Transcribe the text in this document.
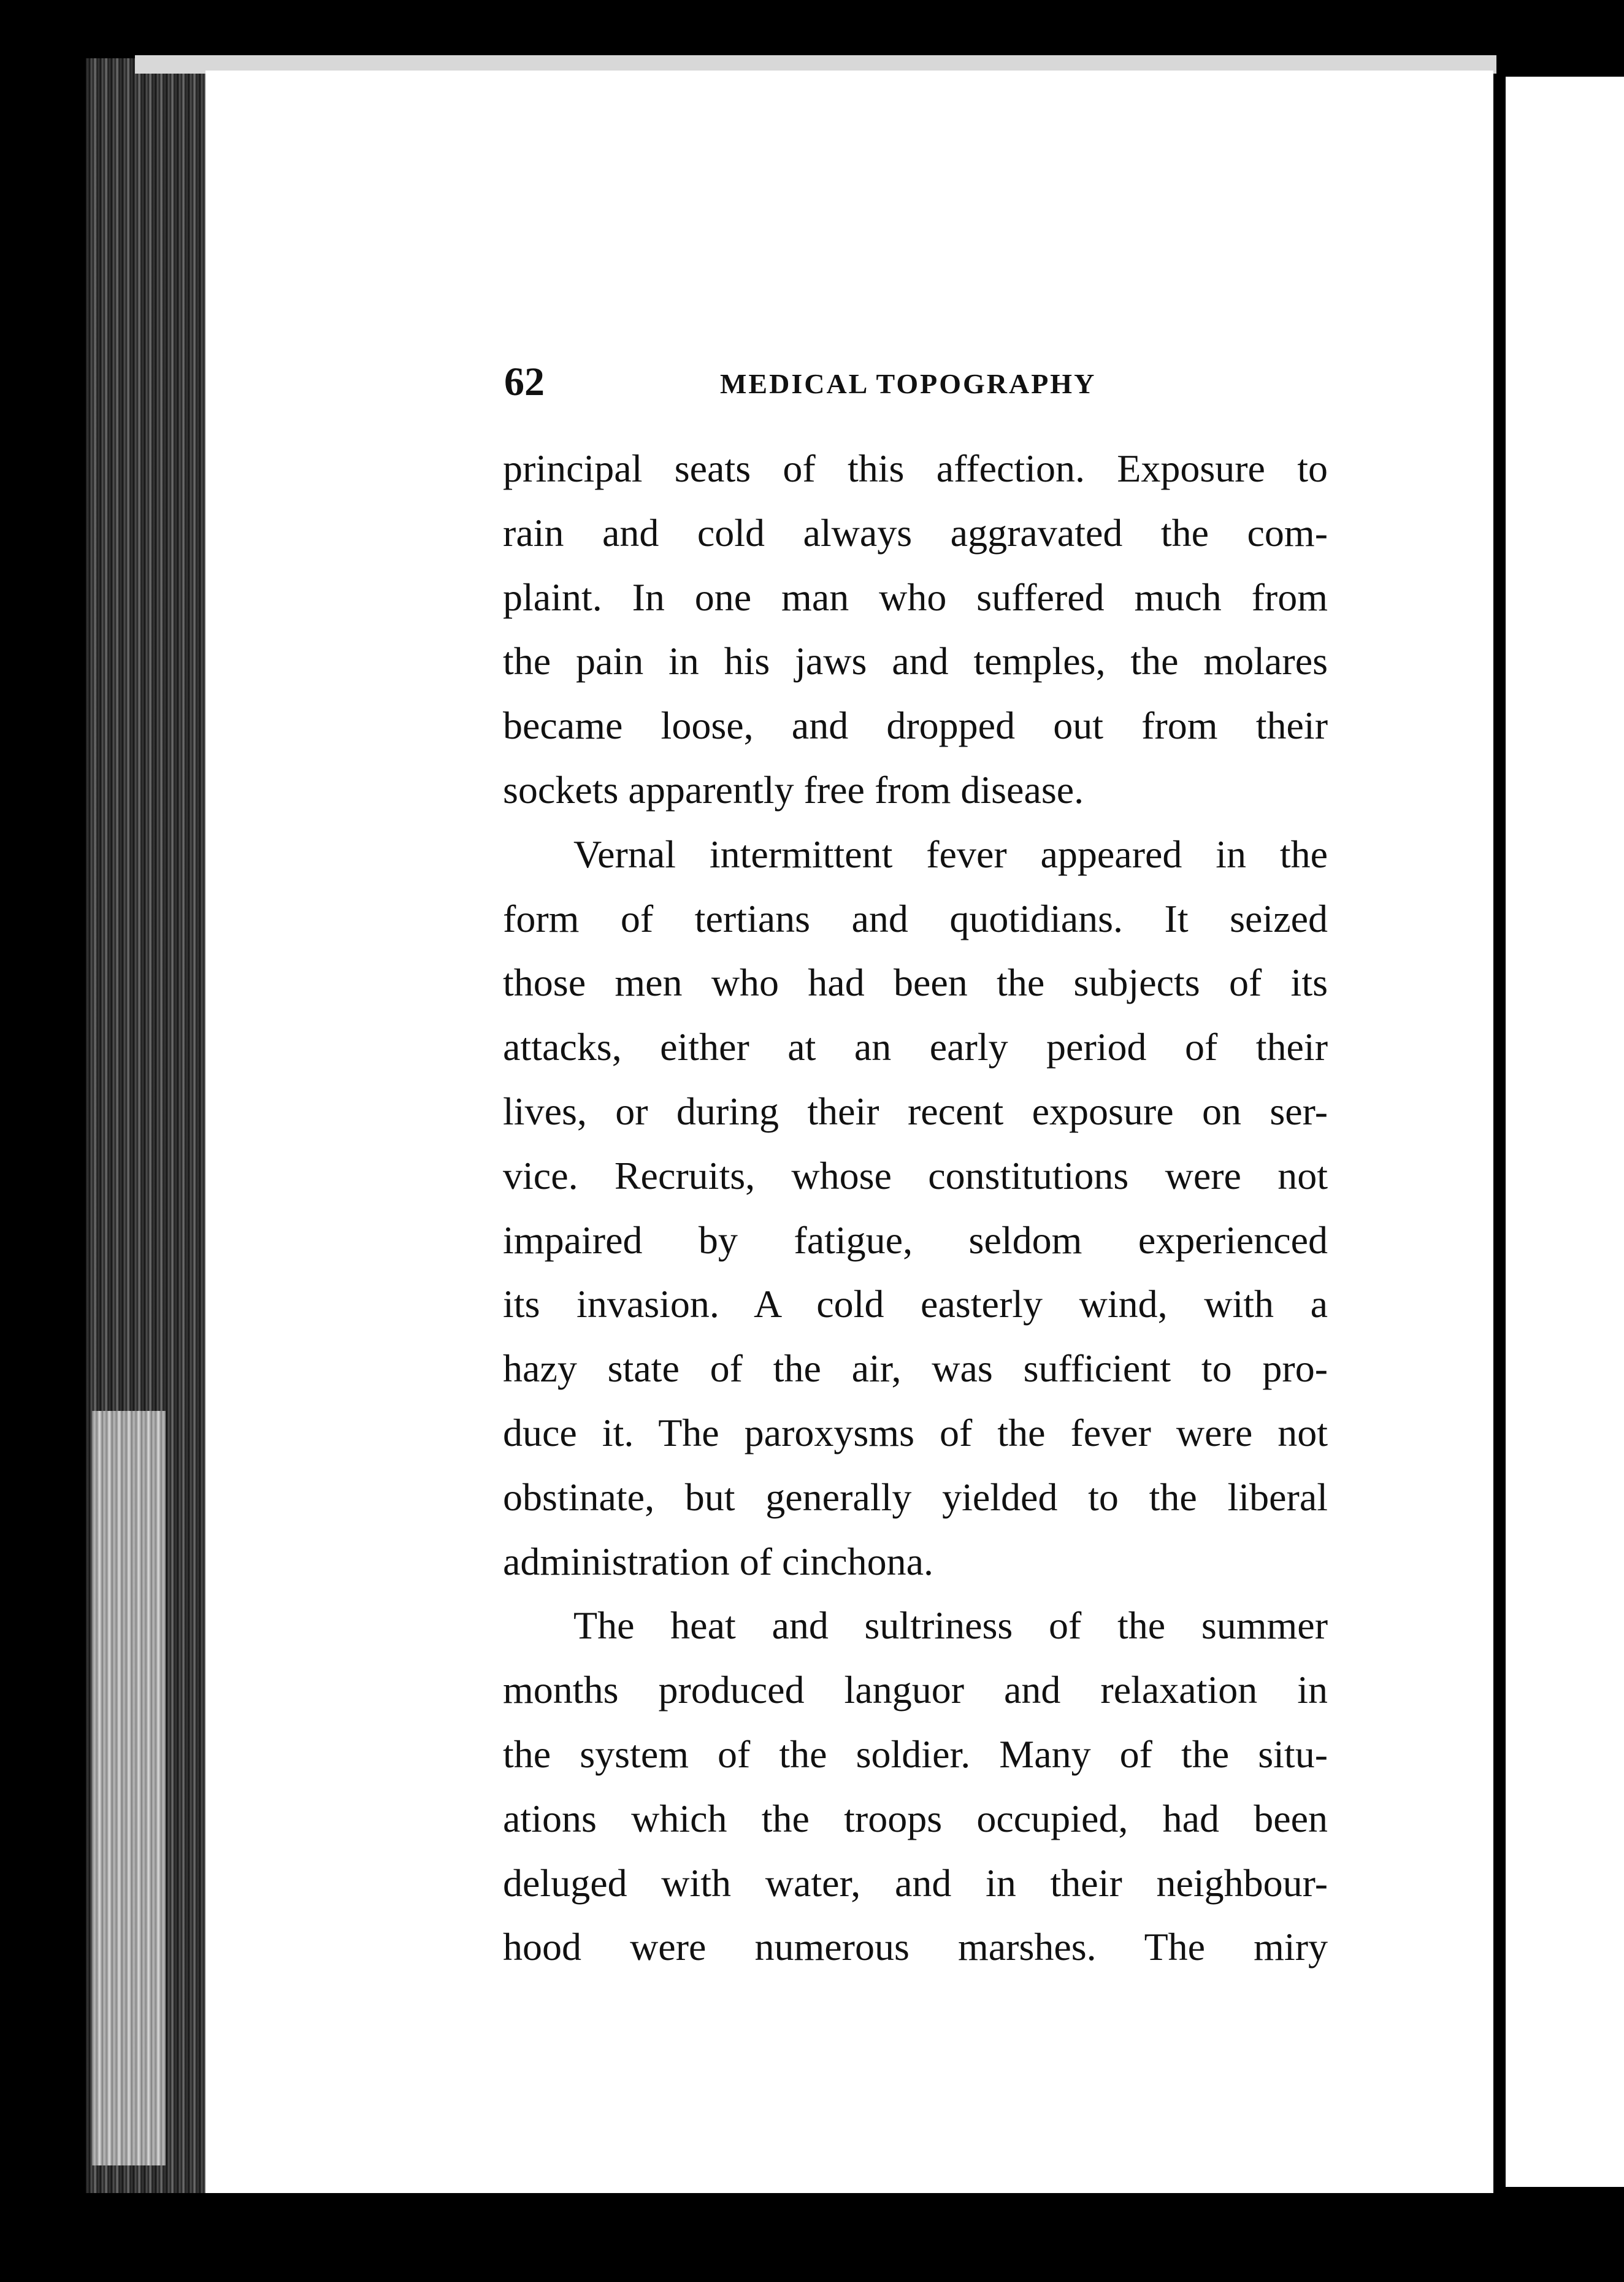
62	MEDICAL TOPOGRAPHY
principal seats of this affection. Exposure to
rain and cold always aggravated the com-
plaint. In one man who suffered much from
the pain in his jaws and temples, the molares
became loose, and dropped out from their
sockets apparently free from disease.
Vernal intermittent fever appeared in the
form of tertians and quotidians. It seized
those men who had been the subjects of its
attacks, either at an early period of their
lives, or during their recent exposure on ser-
vice. Recruits, whose constitutions were not
impaired by fatigue, seldom experienced
its invasion. A cold easterly wind, with a
hazy state of the air, was sufficient to pro-
duce it. The paroxysms of the fever were not
obstinate, but generally yielded to the liberal
administration of cinchona.
The heat and sultriness of the summer
months produced languor and relaxation in
the system of the soldier. Many of the situ-
ations which the troops occupied, had been
deluged with water, and in their neighbour-
hood were numerous marshes. The miry
